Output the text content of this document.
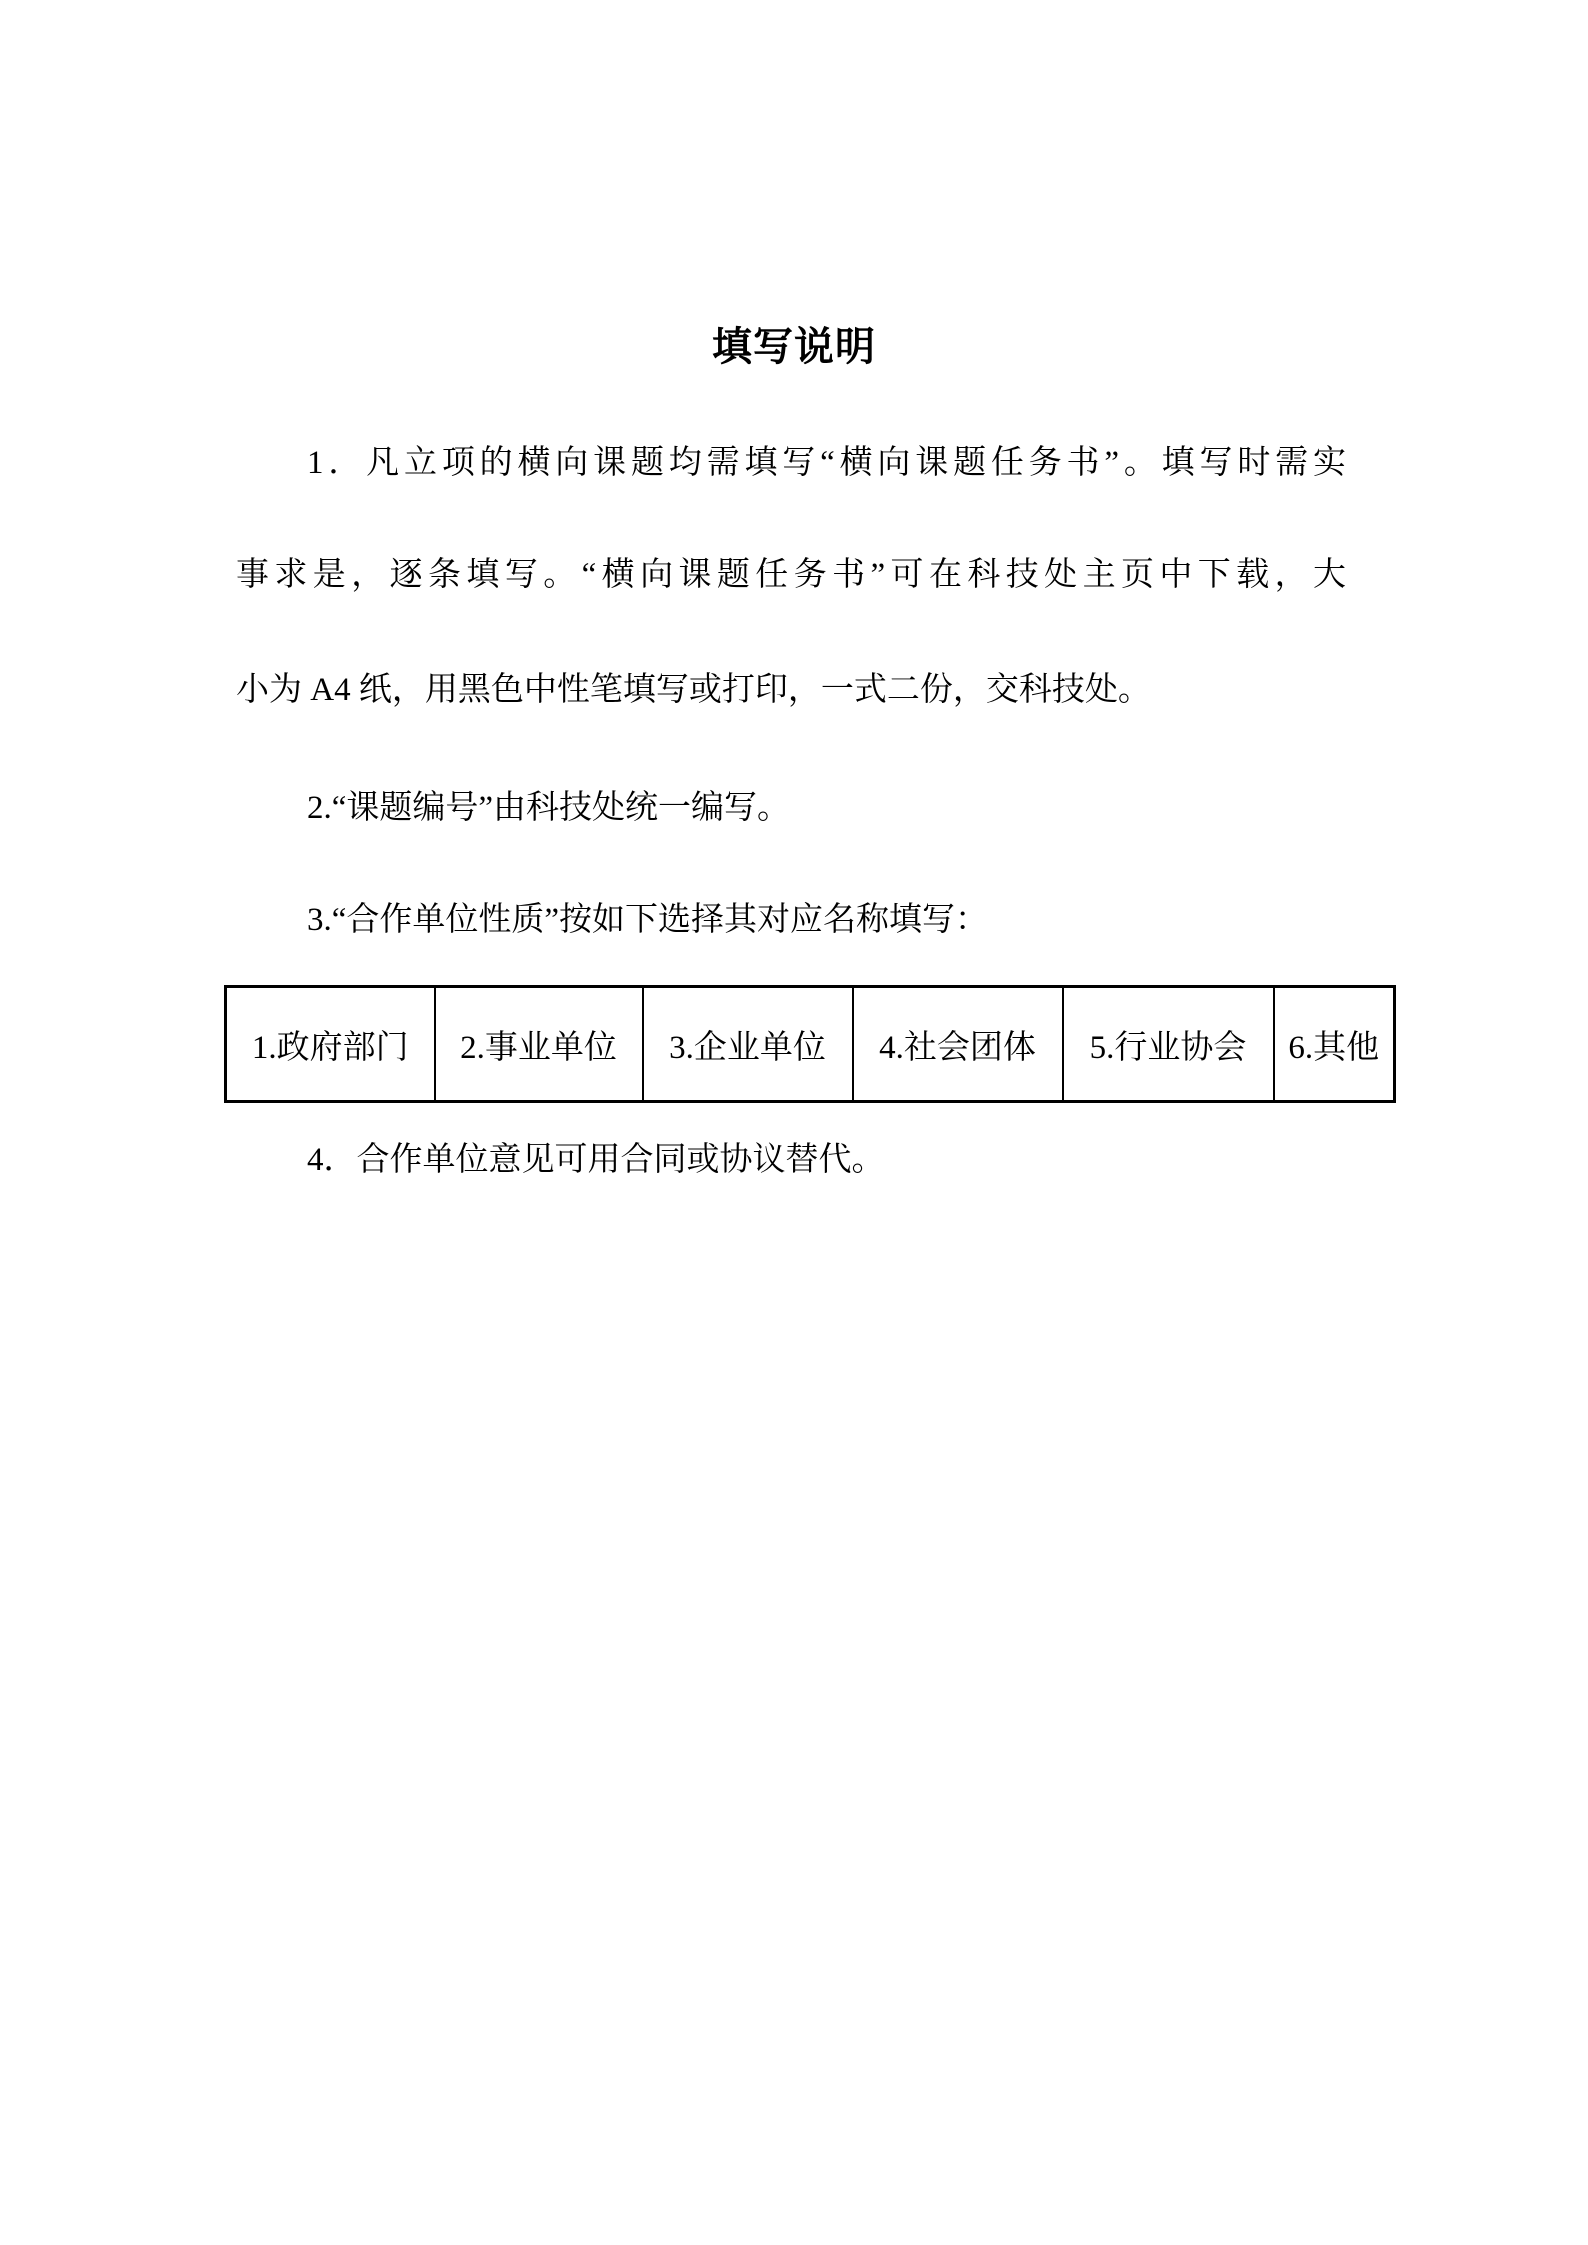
填写说明
1．凡立项的横向课题均需填写“横向课题任务书”。填写时需实
事求是，逐条填写。“横向课题任务书”可在科技处主页中下载，大
小为 A4 纸，用黑色中性笔填写或打印，一式二份，交科技处。
2.“课题编号”由科技处统一编写。
3.“合作单位性质”按如下选择其对应名称填写：
1.政府部门	2.事业单位	3.企业单位	4.社会团体	5.行业协会	6.其他
4．合作单位意见可用合同或协议替代。
